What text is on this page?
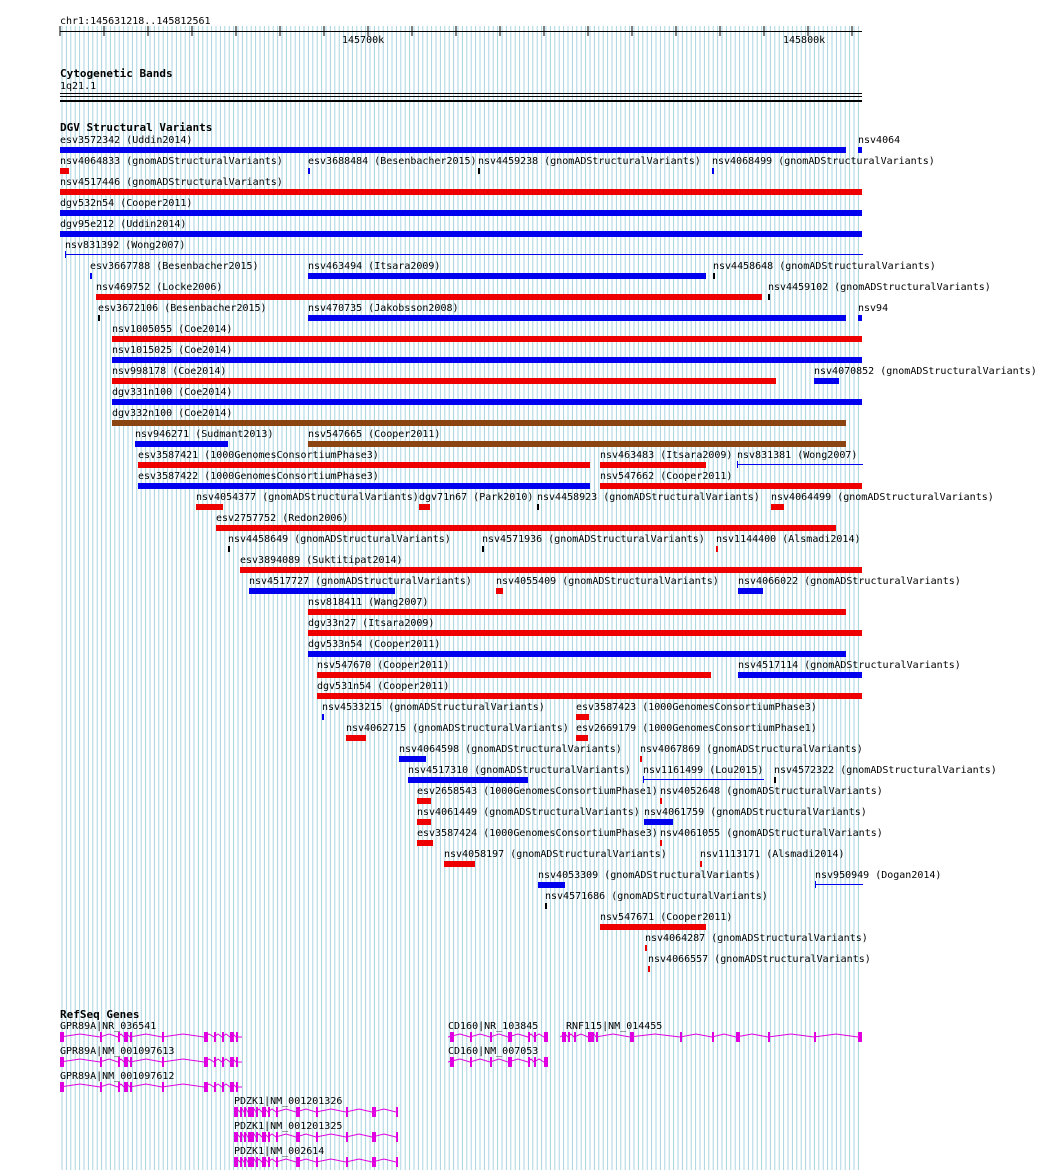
chr1:145631218..145812561
145700k	145800k
Cytogenetic Bands
1q21.1
DGV Structural Variants
esv3572342 (Uddin2014)	nsv4064
nsv4064833 (gnomADStructuralVariants)	esv3688484 (Besenbacher2015) nsv4459238 (gnomADStructuralVariants) nsv4068499 (gnomADStructuralVariants)
nsv4517446 (gnomADStructuralVariants)
dgv532n54 (Cooper2011)
dgv95e212 (Uddin2014)
nsv831392 (Wong2007)
esv3667788 (Besenbacher2015)	nsv463494 (Itsara2009)	nsv4458648 (gnomADStructuralVariants)
nsv469752 (Locke2006)	nsv4459102 (gnomADStructuralVariants)
esv3672106 (Besenbacher2015)	nsv470735 (Jakobsson2008)	nsv94
nsv1005055 (Coe2014)
nsv1015025 (Coe2014)
nsv998178 (Coe2014)	nsv4070852 (gnomADStructuralVariants)
dgv331n100 (Coe2014)
dgv332n100 (Coe2014)
nsv946271 (Sudmant2013)	nsv547665 (Cooper2011)
esv3587421 (1000GenomesConsortiumPhase3)	nsv463483 (Itsara2009) nsv831381 (Wong2007)
esv3587422 (1000GenomesConsortiumPhase3)	nsv547662 (Cooper2011)
nsv4054377 (gnomADStructuralVariants) dgv71n67 (Park2010) nsv4458923 (gnomADStructuralVariants) nsv4064499 (gnomADStructuralVariants)
esv2757752 (Redon2006)
nsv4458649 (gnomADStructuralVariants)	nsv4571936 (gnomADStructuralVariants) nsv1144400 (Alsmadi2014)
esv3894089 (Suktitipat2014)
nsv4517727 (gnomADStructuralVariants) nsv4055409 (gnomADStructuralVariants) nsv4066022 (gnomADStructuralVariants)
nsv818411 (Wang2007)
dgv33n27 (Itsara2009)
dgv533n54 (Cooper2011)
nsv547670 (Cooper2011)	nsv4517114 (gnomADStructuralVariants)
dgv531n54 (Cooper2011)
nsv4533215 (gnomADStructuralVariants)	esv3587423 (1000GenomesConsortiumPhase3)
nsv4062715 (gnomADStructuralVariants) esv2669179 (1000GenomesConsortiumPhase1)
nsv4064598 (gnomADStructuralVariants) nsv4067869 (gnomADStructuralVariants)
nsv4517310 (gnomADStructuralVariants) nsv1161499 (Lou2015) nsv4572322 (gnomADStructuralVariants)
esv2658543 (1000GenomesConsortiumPhase1) nsv4052648 (gnomADStructuralVariants)
nsv4061449 (gnomADStructuralVariants) nsv4061759 (gnomADStructuralVariants)
esv3587424 (1000GenomesConsortiumPhase3) nsv4061055 (gnomADStructuralVariants)
nsv4058197 (gnomADStructuralVariants)	nsv1113171 (Alsmadi2014)
nsv4053309 (gnomADStructuralVariants)	nsv950949 (Dogan2014)
nsv4571686 (gnomADStructuralVariants)
nsv547671 (Cooper2011)
nsv4064287 (gnomADStructuralVariants)
nsv4066557 (gnomADStructuralVariants)
RefSeq Genes
GPR89A|NR_036541
GPR89A|NM_001097613
GPR89A|NM_001097612
PDZK1|NM_001201326
PDZK1|NM_001201325
PDZK1|NM_002614
CD160|NR_103845
CD160|NM_007053
RNF115|NM_014455
